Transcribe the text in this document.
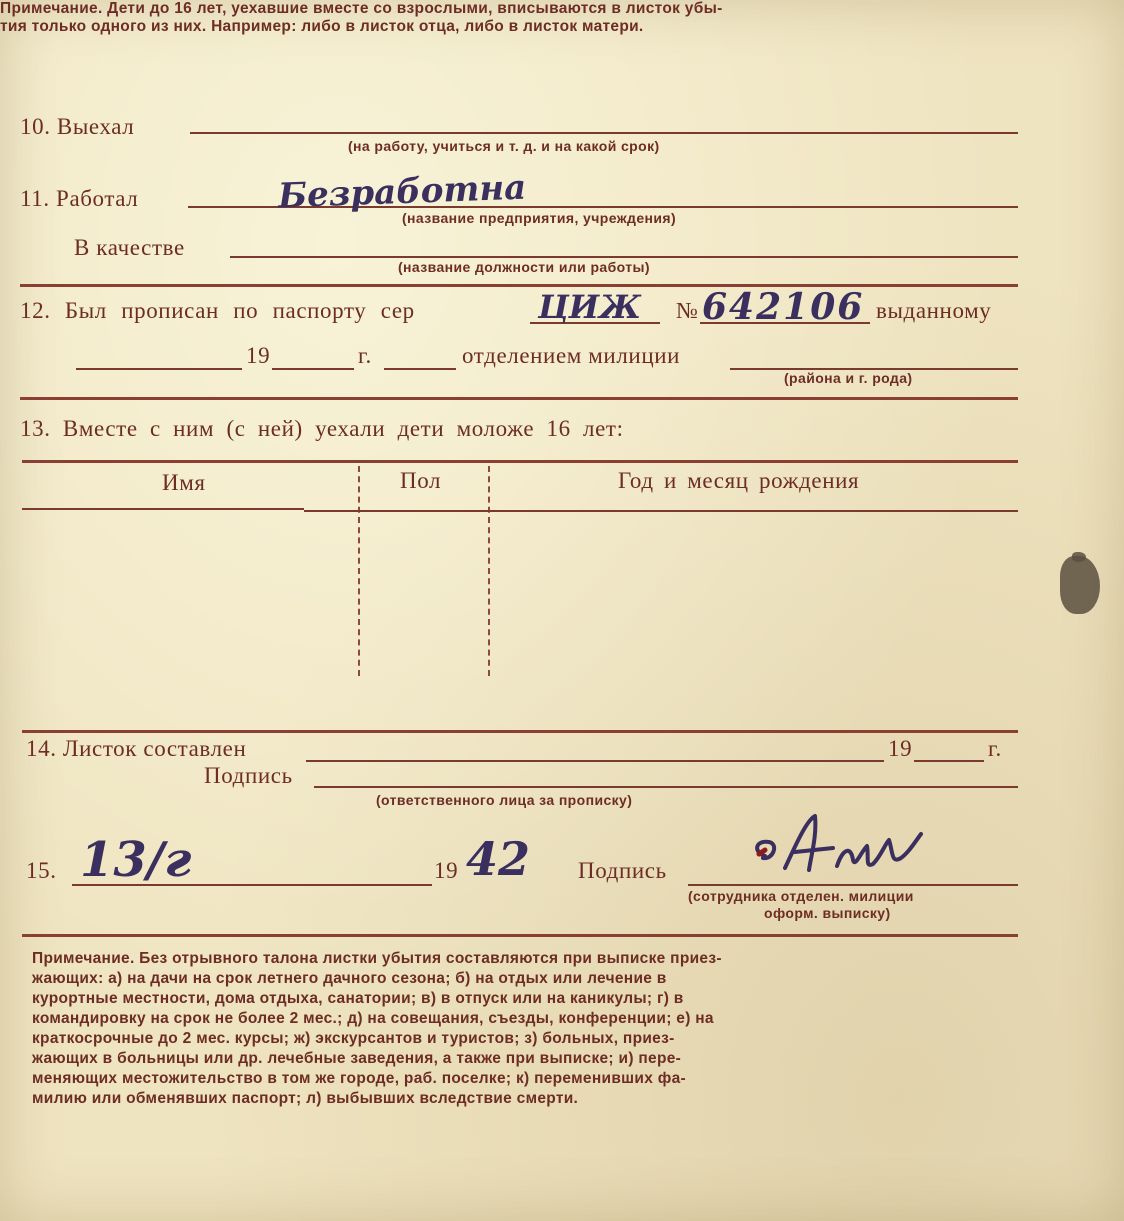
10. Выехал
(на работу, учиться и т. д. и на какой срок)
11. Работал	Безработна
(название предприятия, учреждения)
В качестве
(название должности или работы)
12. Был прописан по паспорту сер	ЦИЖ № 642106 выданному
19	г.	отделением милиции
(района и г. рода)
13. Вместе с ним (с ней) уехали дети моложе 16 лет:
Имя	Пол	Год и месяц рождения
Примечание. Дети до 16 лет, уехавшие вместе со взрослыми, вписываются в листок убы-
тия только одного из них. Например: либо в листок отца, либо в листок матери.
14. Листок составлен	19	г.
Подпись
(ответственного лица за прописку)
15. 13/г	19 42 Подпись
(сотрудника отделен. милиции
оформ. выписку)
Примечание. Без отрывного талона листки убытия составляются при выписке приез-
жающих: а) на дачи на срок летнего дачного сезона; б) на отдых или лечение в
курортные местности, дома отдыха, санатории; в) в отпуск или на каникулы; г) в
командировку на срок не более 2 мес.; д) на совещания, съезды, конференции; е) на
краткосрочные до 2 мес. курсы; ж) экскурсантов и туристов; з) больных, приез-
жающих в больницы или др. лечебные заведения, а также при выписке; и) пере-
меняющих местожительство в том же городе, раб. поселке; к) переменивших фа-
милию или обменявших паспорт; л) выбывших вследствие смерти.
